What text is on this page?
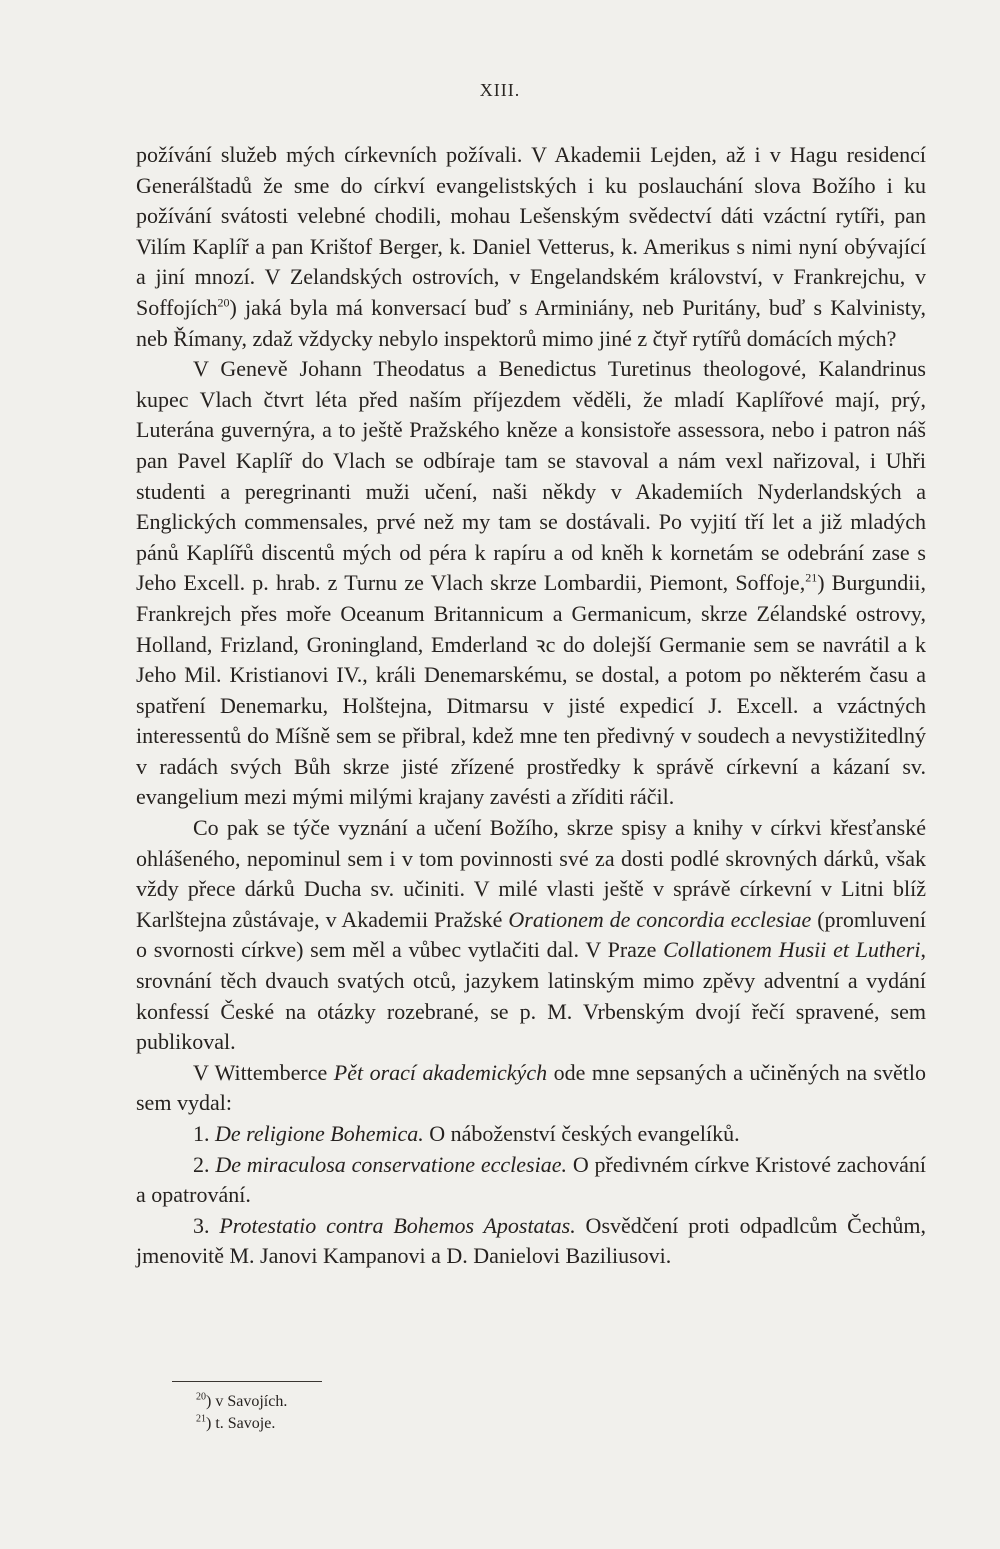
XIII.

požívání služeb mých církevních požívali. V Akademii Lejden, až i v Hagu residencí Generálštadů že sme do církví evangelistských i ku poslauchání slova Božího i ku požívání svátosti velebné chodili, mohau Lešenským svědectví dáti vzáctní rytíři, pan Vilím Kaplíř a pan Krištof Berger, k. Daniel Vetterus, k. Amerikus s nimi nyní obývající a jiní mnozí. V Zelandských ostrovích, v Engelandském království, v Frankrejchu, v Soffojích$^{20}$) jaká byla má konversací buď s Arminiány, neb Puritány, buď s Kalvinisty, neb Římany, zdaž vždycky nebylo inspektorů mimo jiné z čtyř rytířů domácích mých?

V Genevě Johann Theodatus a Benedictus Turetinus theologové, Kalandrinus kupec Vlach čtvrt léta před naším příjezdem věděli, že mladí Kaplířové mají, prý, Luterána guvernýra, a to ještě Pražského kněze a konsistoře assessora, nebo i patron náš pan Pavel Kaplíř do Vlach se odbíraje tam se stavoval a nám vexl nařizoval, i Uhři studenti a peregrinanti muži učení, naši někdy v Akademiích Nyderlandských a Englických commensales, prvé než my tam se dostávali. Po vyjití tří let a již mladých pánů Kaplířů discentů mých od péra k rapíru a od kněh k kornetám se odebrání zase s Jeho Excell. p. hrab. z Turnu ze Vlach skrze Lombardii, Piemont, Soffoje,$^{21}$) Burgundii, Frankrejch přes moře Oceanum Britannicum a Germanicum, skrze Zélandské ostrovy, Holland, Frizland, Groningland, Emderland ꝛc do dolejší Germanie sem se navrátil a k Jeho Mil. Kristianovi IV., králi Denemarskému, se dostal, a potom po některém času a spatření Denemarku, Holštejna, Ditmarsu v jisté expedicí J. Excell. a vzáctných interessentů do Míšně sem se přibral, kdež mne ten předivný v soudech a nevystižitedlný v radách svých Bůh skrze jisté zřízené prostředky k správě církevní a kázaní sv. evangelium mezi mými milými krajany zavésti a zříditi ráčil.

Co pak se týče vyznání a učení Božího, skrze spisy a knihy v církvi křesťanské ohlášeného, nepominul sem i v tom povinnosti své za dosti podlé skrovných dárků, však vždy přece dárků Ducha sv. učiniti. V milé vlasti ještě v správě církevní v Litni blíž Karlštejna zůstávaje, v Akademii Pražské Orationem de concordia ecclesiae (promluvení o svornosti církve) sem měl a vůbec vytlačiti dal. V Praze Collationem Husii et Lutheri, srovnání těch dvauch svatých otců, jazykem latinským mimo zpěvy adventní a vydání konfessí České na otázky rozebrané, se p. M. Vrbenským dvojí řečí spravené, sem publikoval.

V Wittemberce Pět orací akademických ode mne sepsaných a učiněných na světlo sem vydal:

1. De religione Bohemica. O náboženství českých evangelíků.

2. De miraculosa conservatione ecclesiae. O předivném církve Kristové zachování a opatrování.

3. Protestatio contra Bohemos Apostatas. Osvědčení proti odpadlcům Čechům, jmenovitě M. Janovi Kampanovi a D. Danielovi Baziliusovi.

$^{20}$) v Savojích.
$^{21}$) t. Savoje.
